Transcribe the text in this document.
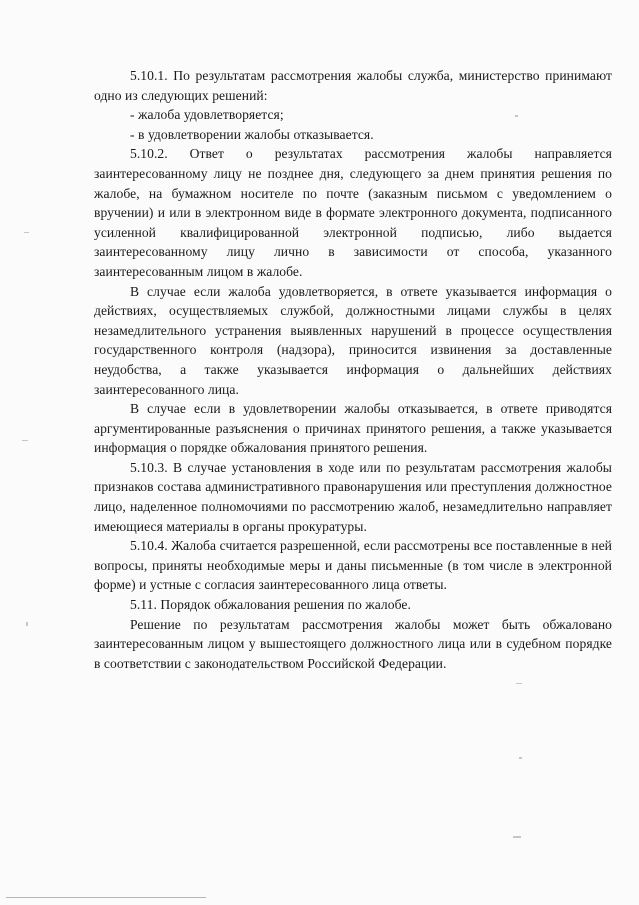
5.10.1. По результатам рассмотрения жалобы служба, министерство принимают одно из следующих решений:

- жалоба удовлетворяется;

- в удовлетворении жалобы отказывается.

5.10.2. Ответ о результатах рассмотрения жалобы направляется заинтересованному лицу не позднее дня, следующего за днем принятия решения по жалобе, на бумажном носителе по почте (заказным письмом с уведомлением о вручении) и или в электронном виде в формате электронного документа, подписанного усиленной квалифицированной электронной подписью, либо выдается заинтересованному лицу лично в зависимости от способа, указанного заинтересованным лицом в жалобе.

В случае если жалоба удовлетворяется, в ответе указывается информация о действиях, осуществляемых службой, должностными лицами службы в целях незамедлительного устранения выявленных нарушений в процессе осуществления государственного контроля (надзора), приносится извинения за доставленные неудобства, а также указывается информация о дальнейших действиях заинтересованного лица.

В случае если в удовлетворении жалобы отказывается, в ответе приводятся аргументированные разъяснения о причинах принятого решения, а также указывается информация о порядке обжалования принятого решения.

5.10.3. В случае установления в ходе или по результатам рассмотрения жалобы признаков состава административного правонарушения или преступления должностное лицо, наделенное полномочиями по рассмотрению жалоб, незамедлительно направляет имеющиеся материалы в органы прокуратуры.

5.10.4. Жалоба считается разрешенной, если рассмотрены все поставленные в ней вопросы, приняты необходимые меры и даны письменные (в том числе в электронной форме) и устные с согласия заинтересованного лица ответы.

5.11. Порядок обжалования решения по жалобе.

Решение по результатам рассмотрения жалобы может быть обжаловано заинтересованным лицом у вышестоящего должностного лица или в судебном порядке в соответствии с законодательством Российской Федерации.
